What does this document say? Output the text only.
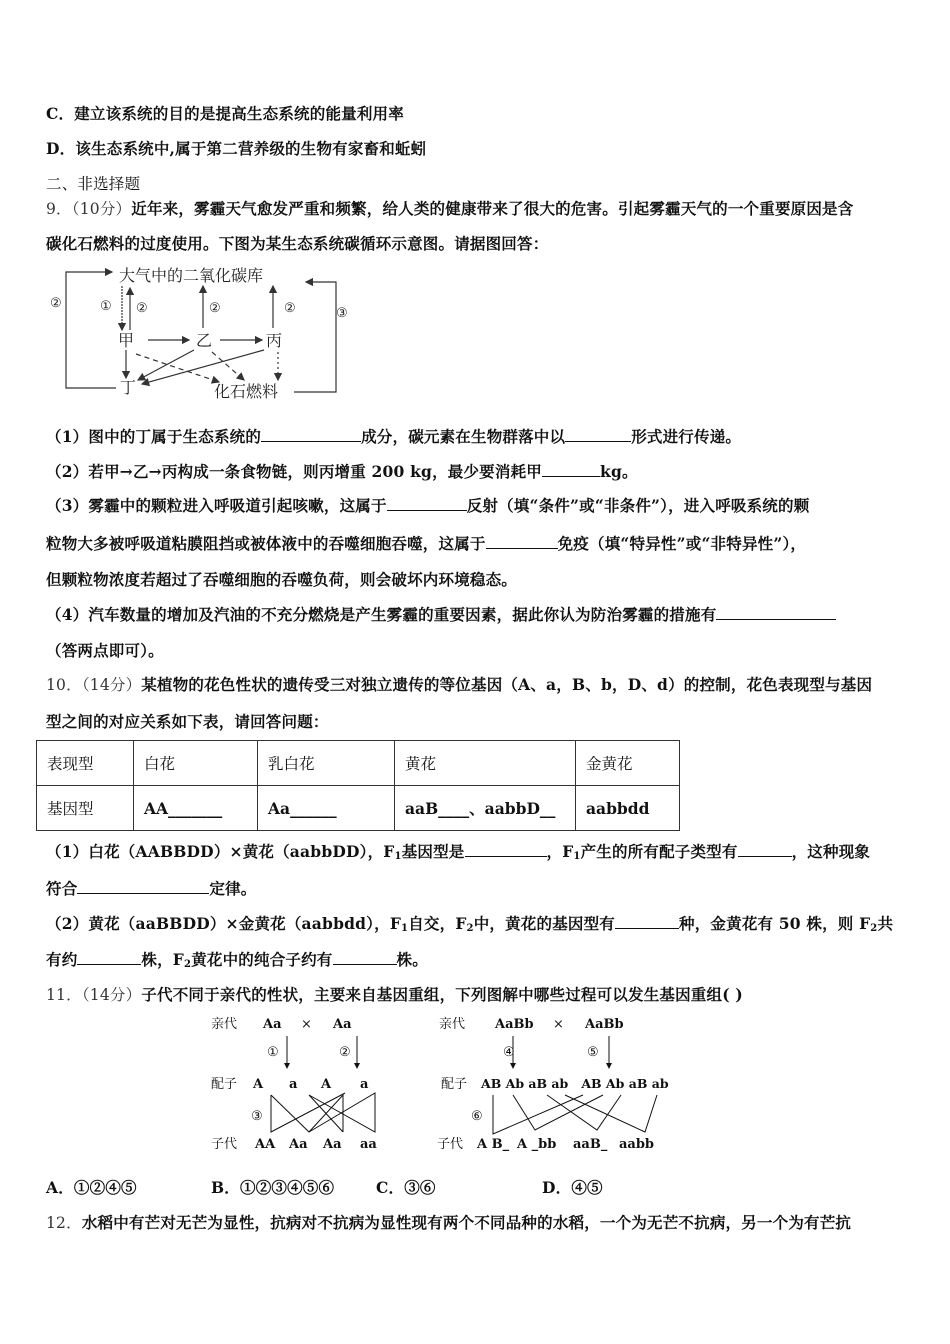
C．建立该系统的目的是提高生态系统的能量利用率
D．该生态系统中,属于第二营养级的生物有家畜和蚯蚓
二、非选择题
9．（10分）近年来，雾霾天气愈发严重和频繁，给人类的健康带来了很大的危害。引起雾霾天气的一个重要原因是含
碳化石燃料的过度使用。下图为某生态系统碳循环示意图。请据图回答：
大气中的二氧化碳库
甲	乙	丙
丁	化石燃料
②	① ②	②	②	③
（1）图中的丁属于生态系统的	成分，碳元素在生物群落中以	形式进行传递。
（2）若甲→乙→丙构成一条食物链，则丙增重 200 kg，最少要消耗甲	kg。
（3）雾霾中的颗粒进入呼吸道引起咳嗽，这属于	反射（填“条件”或“非条件”），进入呼吸系统的颗
粒物大多被呼吸道粘膜阻挡或被体液中的吞噬细胞吞噬，这属于	免疫（填“特异性”或“非特异性”），
但颗粒物浓度若超过了吞噬细胞的吞噬负荷，则会破坏内环境稳态。
（4）汽车数量的增加及汽油的不充分燃烧是产生雾霾的重要因素，据此你认为防治雾霾的措施有
（答两点即可）。
10．（14分）某植物的花色性状的遗传受三对独立遗传的等位基因（A、a，B、b，D、d）的控制，花色表现型与基因
型之间的对应关系如下表，请回答问题：
表现型	白花	乳白花	黄花	金黄花
基因型	AA_______	Aa______	aaB____、aabbD__	aabbdd
（1）白花（AABBDD）×黄花（aabbDD），$F_1$基因型是	，$F_1$产生的所有配子类型有	，这种现象
符合	定律。
（2）黄花（aaBBDD）×金黄花（aabbdd），$F_1$自交，$F_2$中，黄花的基因型有	种，金黄花有 50 株，则 $F_2$共
有约	株，$F_2$黄花中的纯合子约有	株。
11．（14分）子代不同于亲代的性状，主要来自基因重组，下列图解中哪些过程可以发生基因重组( )
亲代 Aa × Aa
①	②
配子 A a A a
③
子代 AA Aa Aa aa
亲代 AaBb × AaBb
④	⑤
配子 AB Ab aB ab   AB Ab aB ab
⑥
子代 A B_ A _bb aaB_ aabb
A．①②④⑤	B．①②③④⑤⑥	C．③⑥	D．④⑤
12．水稻中有芒对无芒为显性，抗病对不抗病为显性现有两个不同品种的水稻，一个为无芒不抗病，另一个为有芒抗
